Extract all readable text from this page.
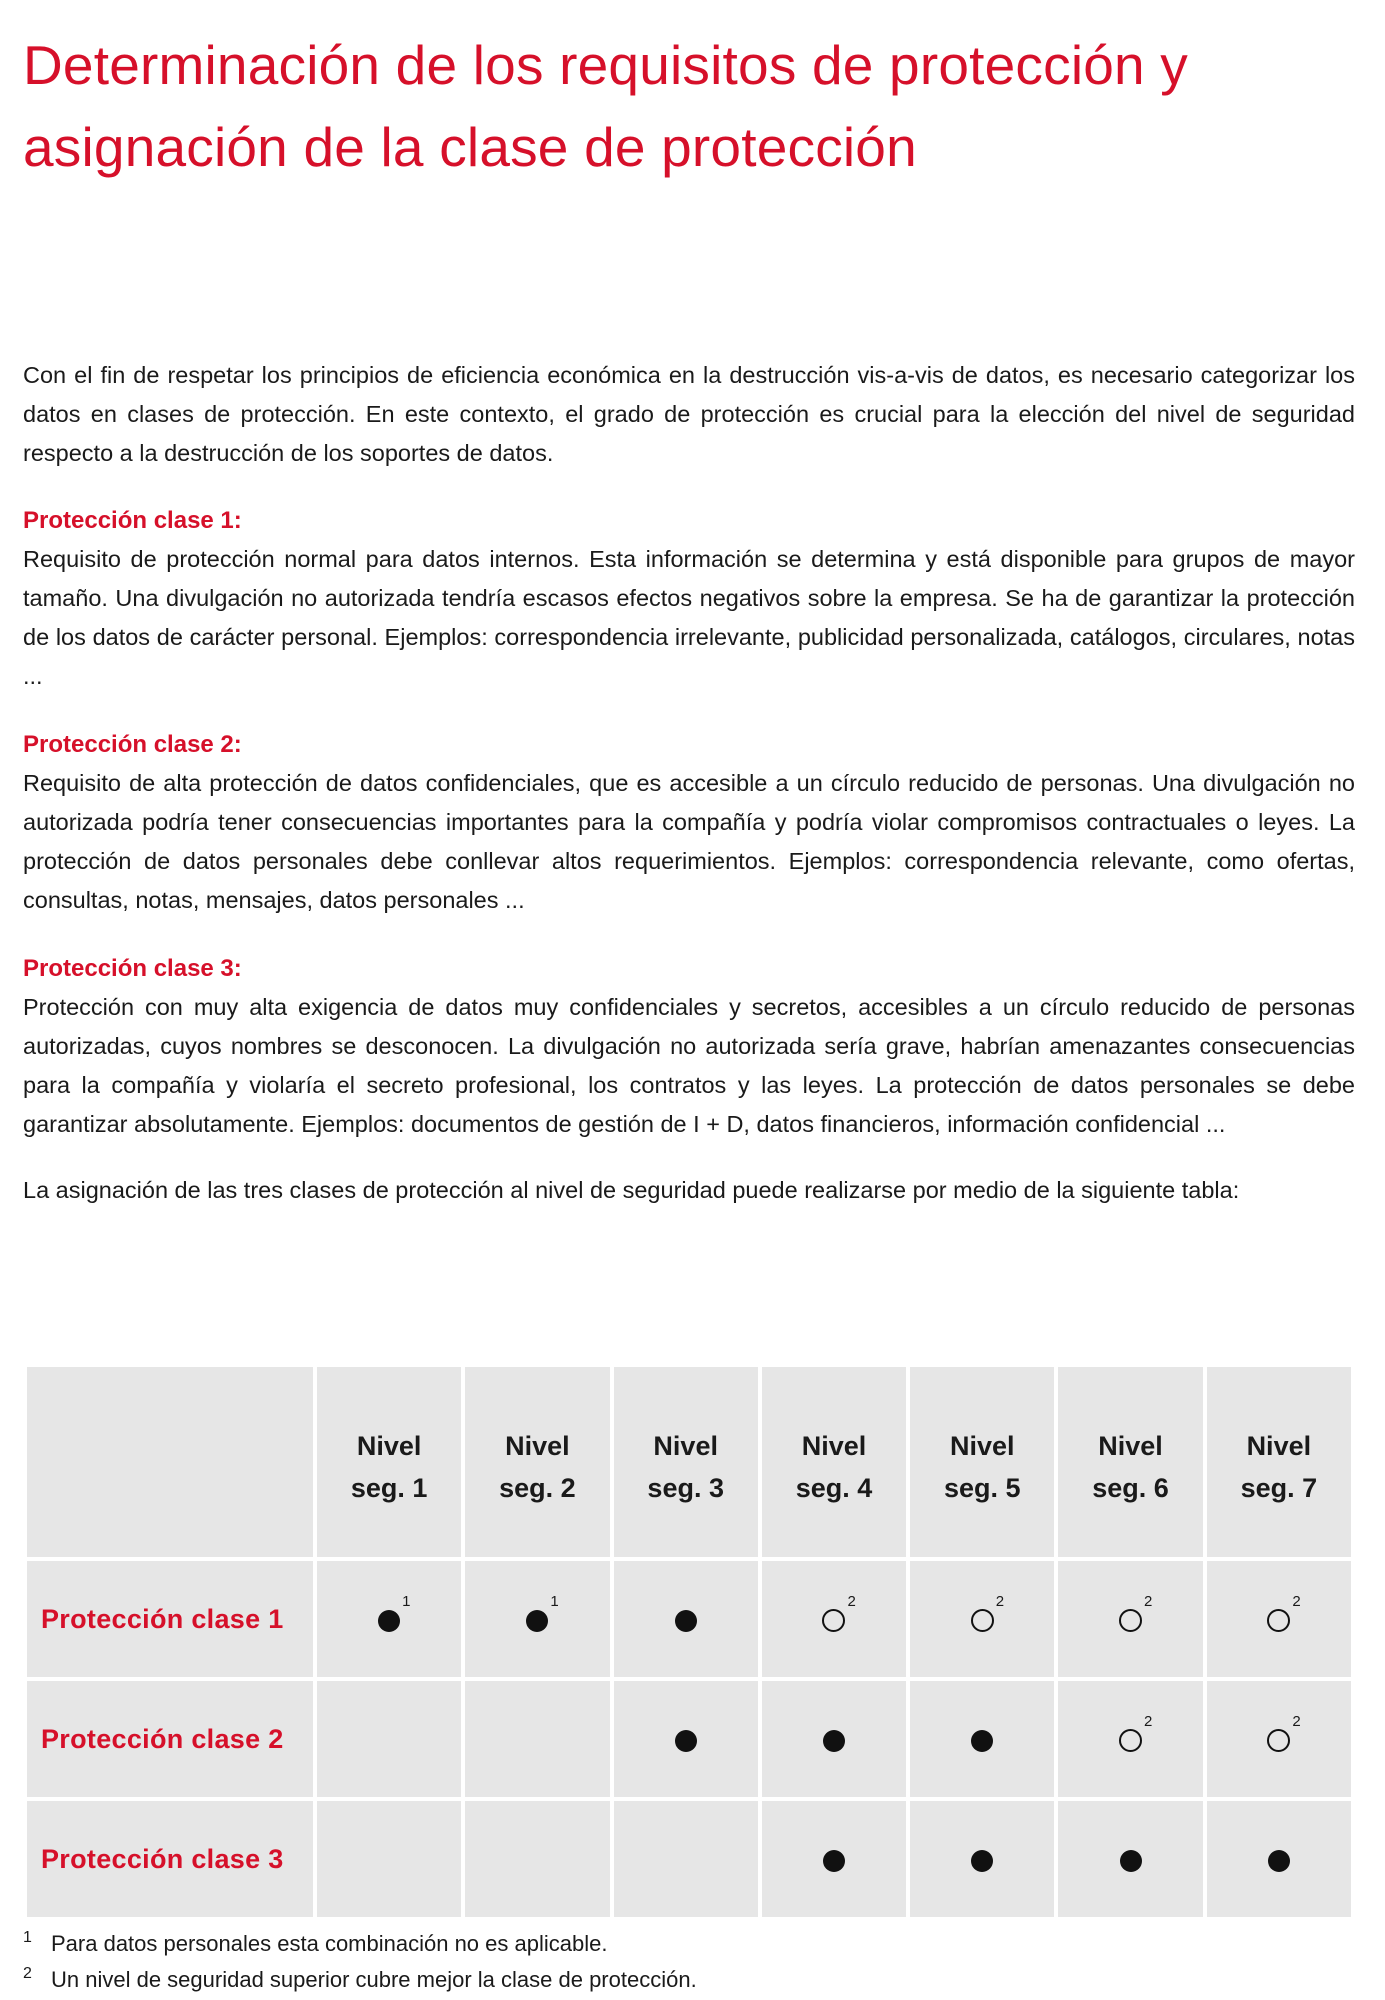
Determinación de los requisitos de protección y asignación de la clase de protección

Con el fin de respetar los principios de eficiencia económica en la destrucción vis-a-vis de datos, es necesario categorizar los datos en clases de protección. En este contexto, el grado de protección es crucial para la elección del nivel de seguridad respecto a la destrucción de los soportes de datos.

Protección clase 1:

Requisito de protección normal para datos internos. Esta información se determina y está disponible para grupos de mayor tamaño. Una divulgación no autorizada tendría escasos efectos negativos sobre la empresa. Se ha de garantizar la protección de los datos de carácter personal. Ejemplos: correspondencia irrelevante, publicidad personalizada, catálogos, circulares, notas ...

Protección clase 2:

Requisito de alta protección de datos confidenciales, que es accesible a un círculo reducido de personas. Una divulgación no autorizada podría tener consecuencias importantes para la compañía y podría violar compromisos contractuales o leyes. La protección de datos personales debe conllevar altos requerimientos. Ejemplos: correspondencia relevante, como ofertas, consultas, notas, mensajes, datos personales ...

Protección clase 3:

Protección con muy alta exigencia de datos muy confidenciales y secretos, accesibles a un círculo reducido de personas autorizadas, cuyos nombres se desconocen. La divulgación no autorizada sería grave, habrían amenazantes consecuencias para la compañía y violaría el secreto profesional, los contratos y las leyes. La protección de datos personales se debe garantizar absolutamente. Ejemplos: documentos de gestión de I + D, datos financieros, información confidencial ...

La asignación de las tres clases de protección al nivel de seguridad puede realizarse por medio de la siguiente tabla:

	Nivel
seg. 1	Nivel
seg. 2	Nivel
seg. 3	Nivel
seg. 4	Nivel
seg. 5	Nivel
seg. 6	Nivel
seg. 7
Protección clase 1	1	1		2	2	2	2

Protección clase 2						2	2

Protección clase 3							
1 Para datos personales esta combinación no es aplicable.
2 Un nivel de seguridad superior cubre mejor la clase de protección.
